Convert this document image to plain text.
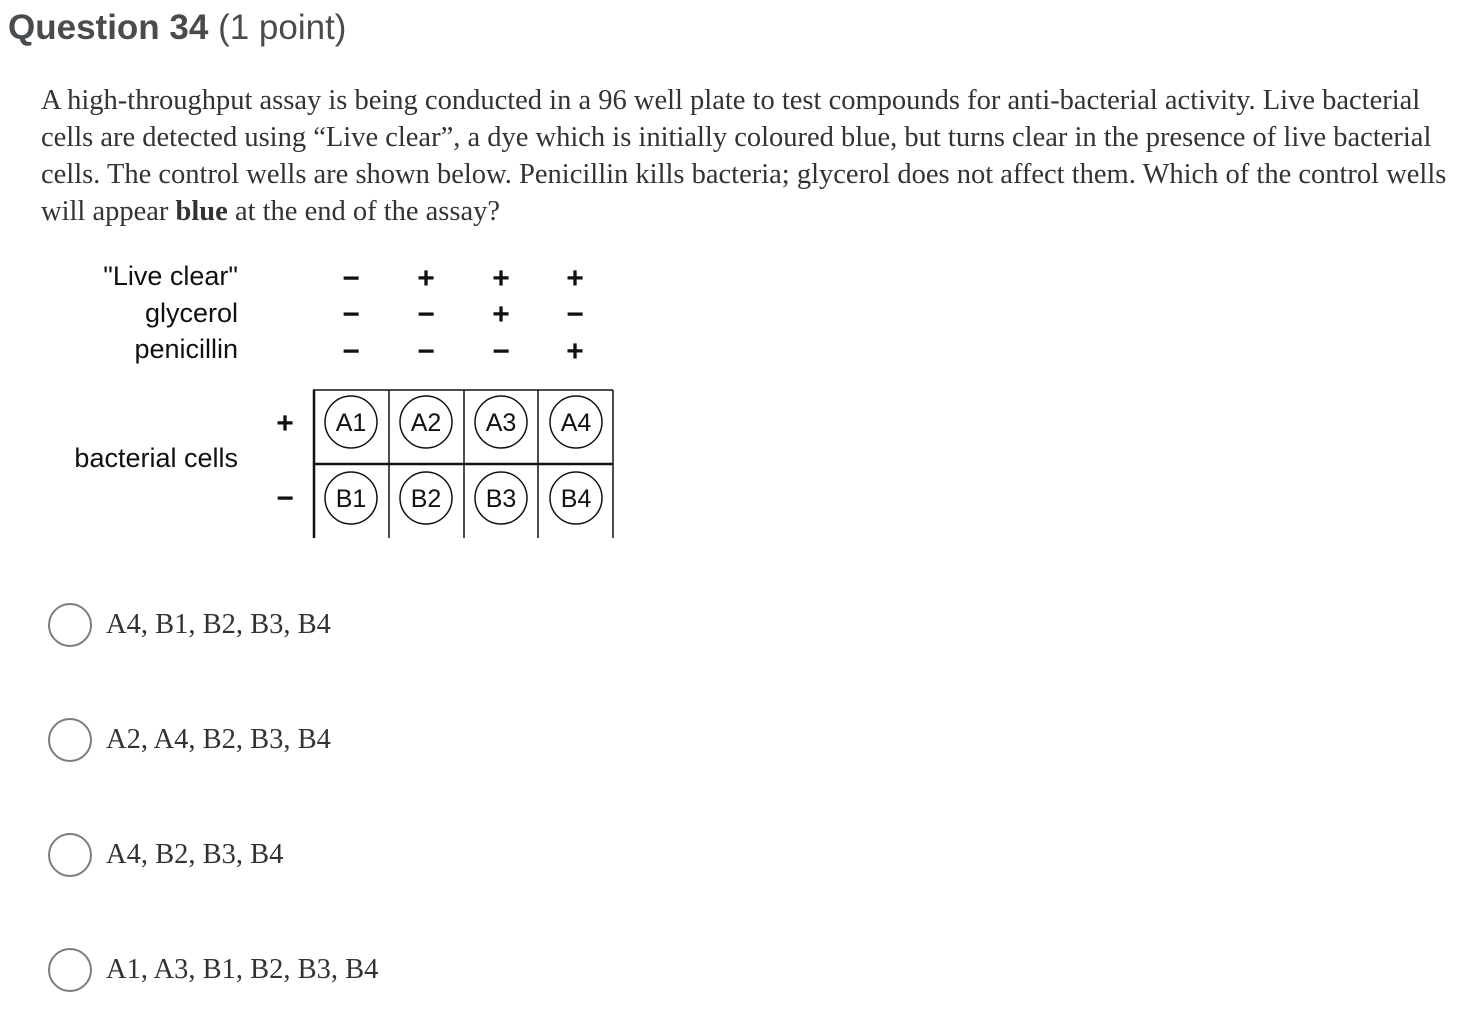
Question 34 (1 point)
A high-throughput assay is being conducted in a 96 well plate to test compounds for anti-bacterial activity. Live bacterial cells are detected using “Live clear”, a dye which is initially coloured blue, but turns clear in the presence of live bacterial cells. The control wells are shown below. Penicillin kills bacteria; glycerol does not affect them. Which of the control wells will appear blue at the end of the assay?
"Live clear"
glycerol
penicillin
− + + +
− − + −
− − − +
bacterial cells
+
−
A1 A2 A3 A4
B1 B2 B3 B4
A4, B1, B2, B3, B4
A2, A4, B2, B3, B4
A4, B2, B3, B4
A1, A3, B1, B2, B3, B4
